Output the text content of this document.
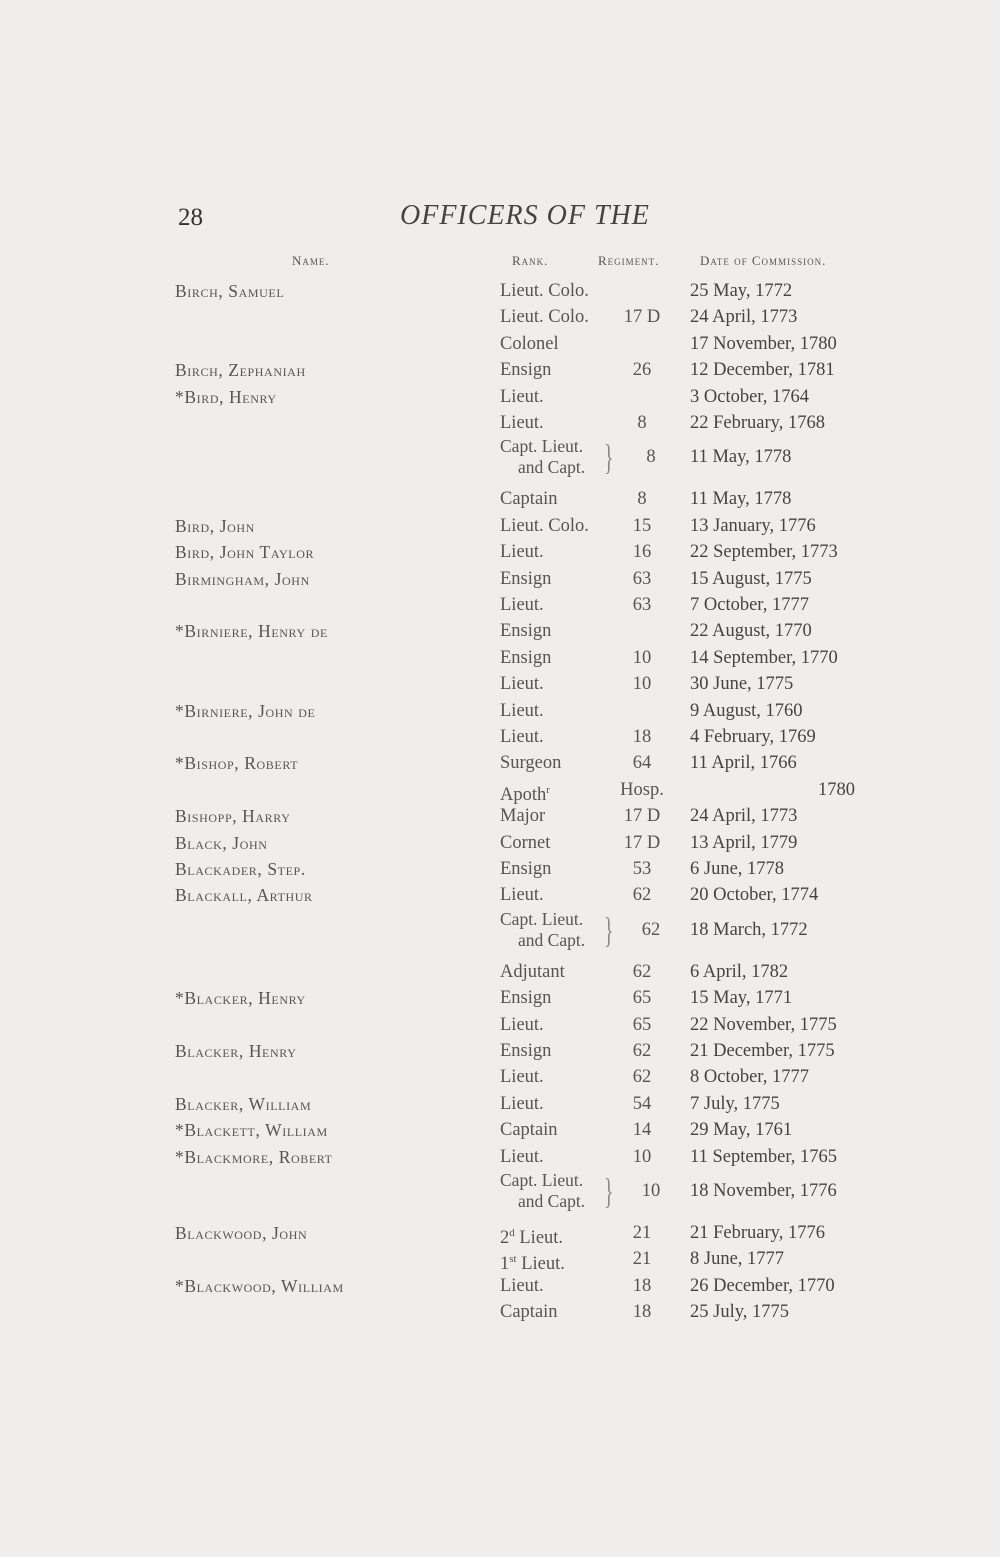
28	OFFICERS OF THE
Name.	Rank.	Regiment.	Date of Commission.
Birch, Samuel	Lieut. Colo.	25 May, 1772
Lieut. Colo.	17 D	24 April, 1773
Colonel	17 November, 1780
Birch, Zephaniah	Ensign	26	12 December, 1781
*Bird, Henry	Lieut.	3 October, 1764
Lieut.	8	22 February, 1768
Capt. Lieut.
and Capt. }	8	11 May, 1778
Captain	8	11 May, 1778
Bird, John	Lieut. Colo.	15	13 January, 1776
Bird, John Taylor	Lieut.	16	22 September, 1773
Birmingham, John	Ensign	63	15 August, 1775
Lieut.	63	7 October, 1777
*Birniere, Henry de	Ensign	22 August, 1770
Ensign	10	14 September, 1770
Lieut.	10	30 June, 1775
*Birniere, John de	Lieut.	9 August, 1760
Lieut.	18	4 February, 1769
*Bishop, Robert	Surgeon	64	11 April, 1766
Apoth$^r$	Hosp.	1780
Bishopp, Harry	Major	17 D	24 April, 1773
Black, John	Cornet	17 D	13 April, 1779
Blackader, Step.	Ensign	53	6 June, 1778
Blackall, Arthur	Lieut.	62	20 October, 1774
Capt. Lieut.
and Capt. }	62	18 March, 1772
Adjutant	62	6 April, 1782
*Blacker, Henry	Ensign	65	15 May, 1771
Lieut.	65	22 November, 1775
Blacker, Henry	Ensign	62	21 December, 1775
Lieut.	62	8 October, 1777
Blacker, William	Lieut.	54	7 July, 1775
*Blackett, William	Captain	14	29 May, 1761
*Blackmore, Robert	Lieut.	10	11 September, 1765
Capt. Lieut.
and Capt. }	10	18 November, 1776
Blackwood, John	2$^d$ Lieut.	21	21 February, 1776
1st Lieut.	21	8 June, 1777
*Blackwood, William	Lieut.	18	26 December, 1770
Captain	18	25 July, 1775
